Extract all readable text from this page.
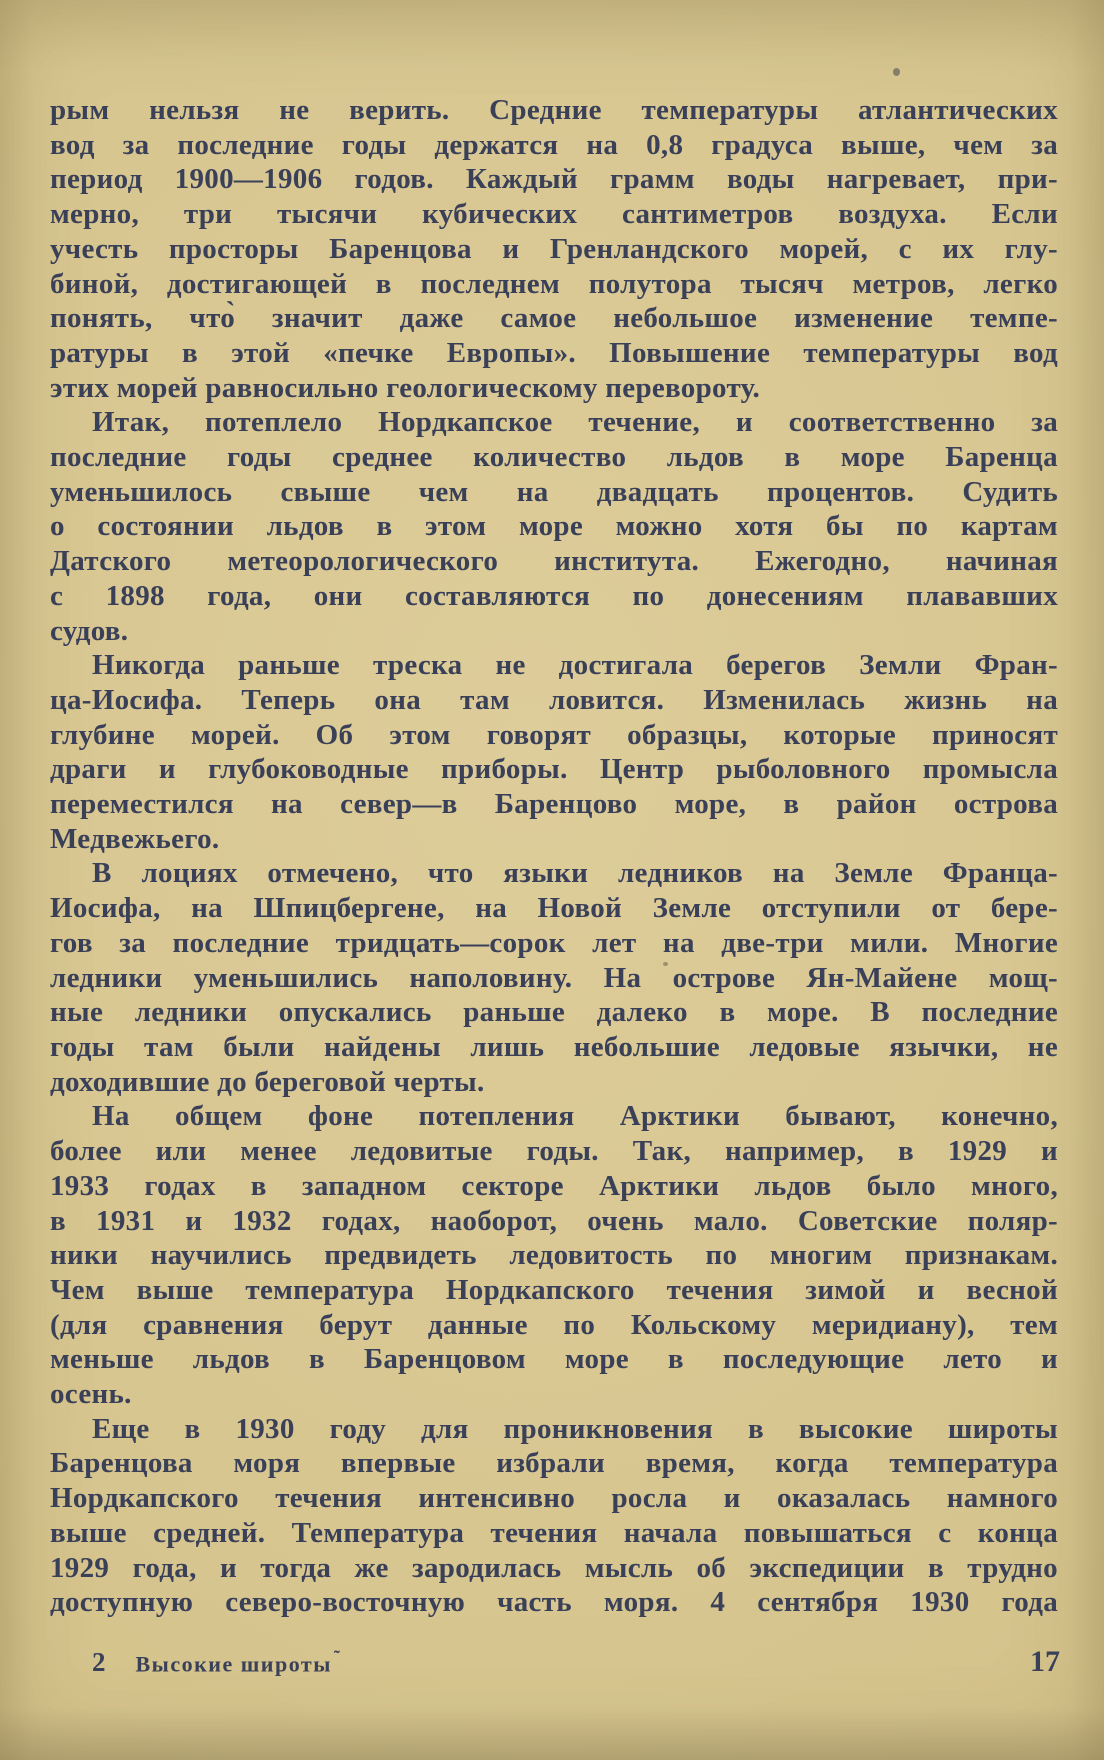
рым нельзя не верить. Средние температуры атлантических
вод за последние годы держатся на 0,8 градуса выше, чем за
период 1900—1906 годов. Каждый грамм воды нагревает, при-
мерно, три тысячи кубических сантиметров воздуха. Если
учесть просторы Баренцова и Гренландского морей, с их глу-
биной, достигающей в последнем полутора тысяч метров, легко
понять, что̀ значит даже самое небольшое изменение темпе-
ратуры в этой «печке Европы». Повышение температуры вод
этих морей равносильно геологическому перевороту.
Итак, потеплело Нордкапское течение, и соответственно за
последние годы среднее количество льдов в море Баренца
уменьшилось свыше чем на двадцать процентов. Судить
о состоянии льдов в этом море можно хотя бы по картам
Датского метеорологического института. Ежегодно, начиная
с 1898 года, они составляются по донесениям плававших
судов.
Никогда раньше треска не достигала берегов Земли Фран-
ца-Иосифа. Теперь она там ловится. Изменилась жизнь на
глубине морей. Об этом говорят образцы, которые приносят
драги и глубоководные приборы. Центр рыболовного промысла
переместился на север—в Баренцово море, в район острова
Медвежьего.
В лоциях отмечено, что языки ледников на Земле Франца-
Иосифа, на Шпицбергене, на Новой Земле отступили от бере-
гов за последние тридцать—сорок лет на две-три мили. Многие
ледники уменьшились наполовину. На острове Ян-Майене мощ-
ные ледники опускались раньше далеко в море. В последние
годы там были найдены лишь небольшие ледовые язычки, не
доходившие до береговой черты.
На общем фоне потепления Арктики бывают, конечно,
более или менее ледовитые годы. Так, например, в 1929 и
1933 годах в западном секторе Арктики льдов было много,
в 1931 и 1932 годах, наоборот, очень мало. Советские поляр-
ники научились предвидеть ледовитость по многим признакам.
Чем выше температура Нордкапского течения зимой и весной
(для сравнения берут данные по Кольскому меридиану), тем
меньше льдов в Баренцовом море в последующие лето и
осень.
Еще в 1930 году для проникновения в высокие широты
Баренцова моря впервые избрали время, когда температура
Нордкапского течения интенсивно росла и оказалась намного
выше средней. Температура течения начала повышаться с конца
1929 года, и тогда же зародилась мысль об экспедиции в трудно
доступную северо-восточную часть моря. 4 сентября 1930 года
2 Высокие широты ˜	17
